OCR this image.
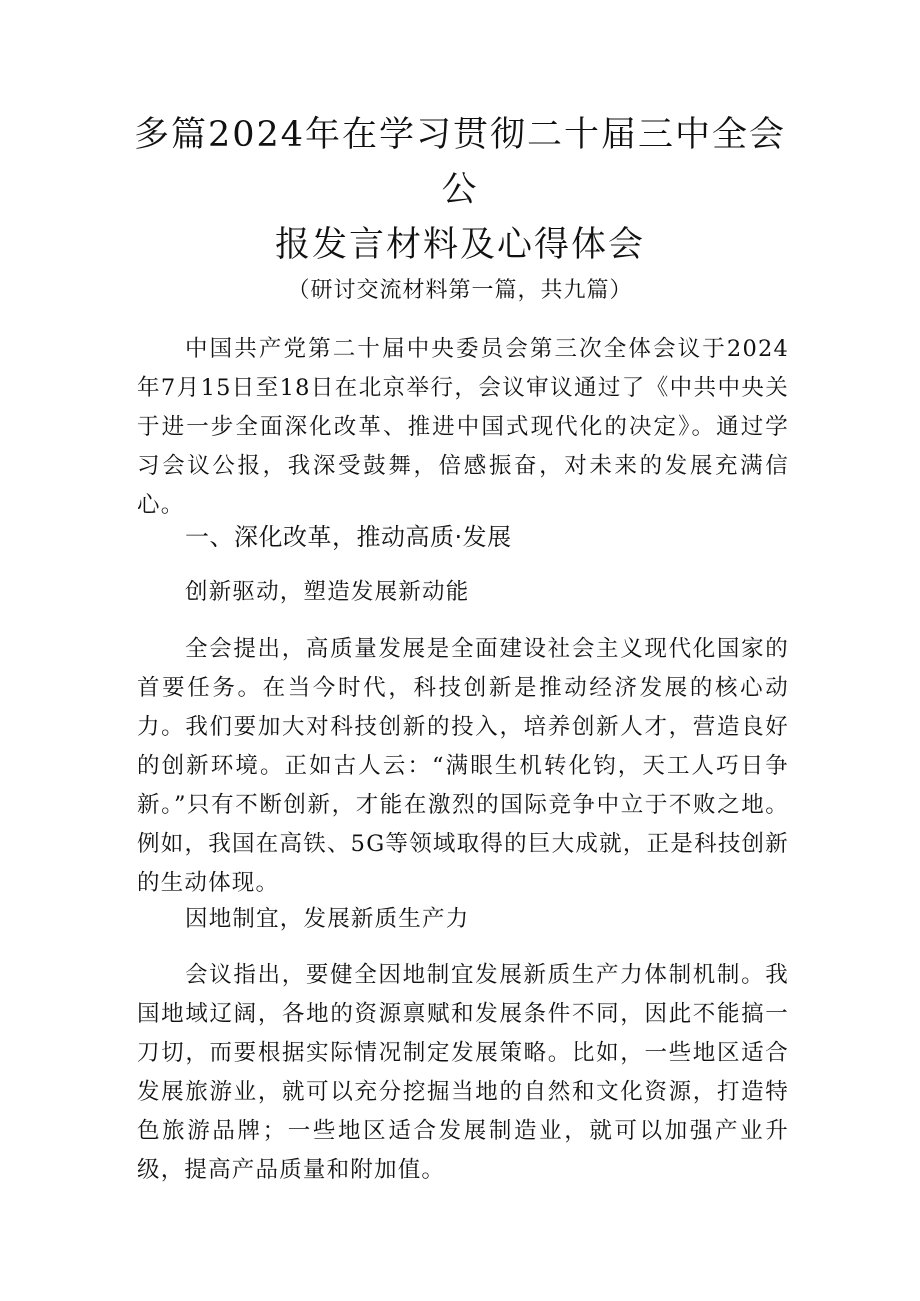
多篇2024年在学习贯彻二十届三中全会公
报发言材料及心得体会
（研讨交流材料第一篇，共九篇）

中国共产党第二十届中央委员会第三次全体会议于2024年7月15日至18日在北京举行，会议审议通过了《中共中央关于进一步全面深化改革、推进中国式现代化的决定》。通过学习会议公报，我深受鼓舞，倍感振奋，对未来的发展充满信心。

一、深化改革，推动高质·发展
创新驱动，塑造发展新动能

全会提出，高质量发展是全面建设社会主义现代化国家的首要任务。在当今时代，科技创新是推动经济发展的核心动力。我们要加大对科技创新的投入，培养创新人才，营造良好的创新环境。正如古人云：“满眼生机转化钧，天工人巧日争新。”只有不断创新，才能在激烈的国际竞争中立于不败之地。例如，我国在高铁、5G等领域取得的巨大成就，正是科技创新的生动体现。

因地制宜，发展新质生产力

会议指出，要健全因地制宜发展新质生产力体制机制。我国地域辽阔，各地的资源禀赋和发展条件不同，因此不能搞一刀切，而要根据实际情况制定发展策略。比如，一些地区适合发展旅游业，就可以充分挖掘当地的自然和文化资源，打造特色旅游品牌；一些地区适合发展制造业，就可以加强产业升级，提高产品质量和附加值。
